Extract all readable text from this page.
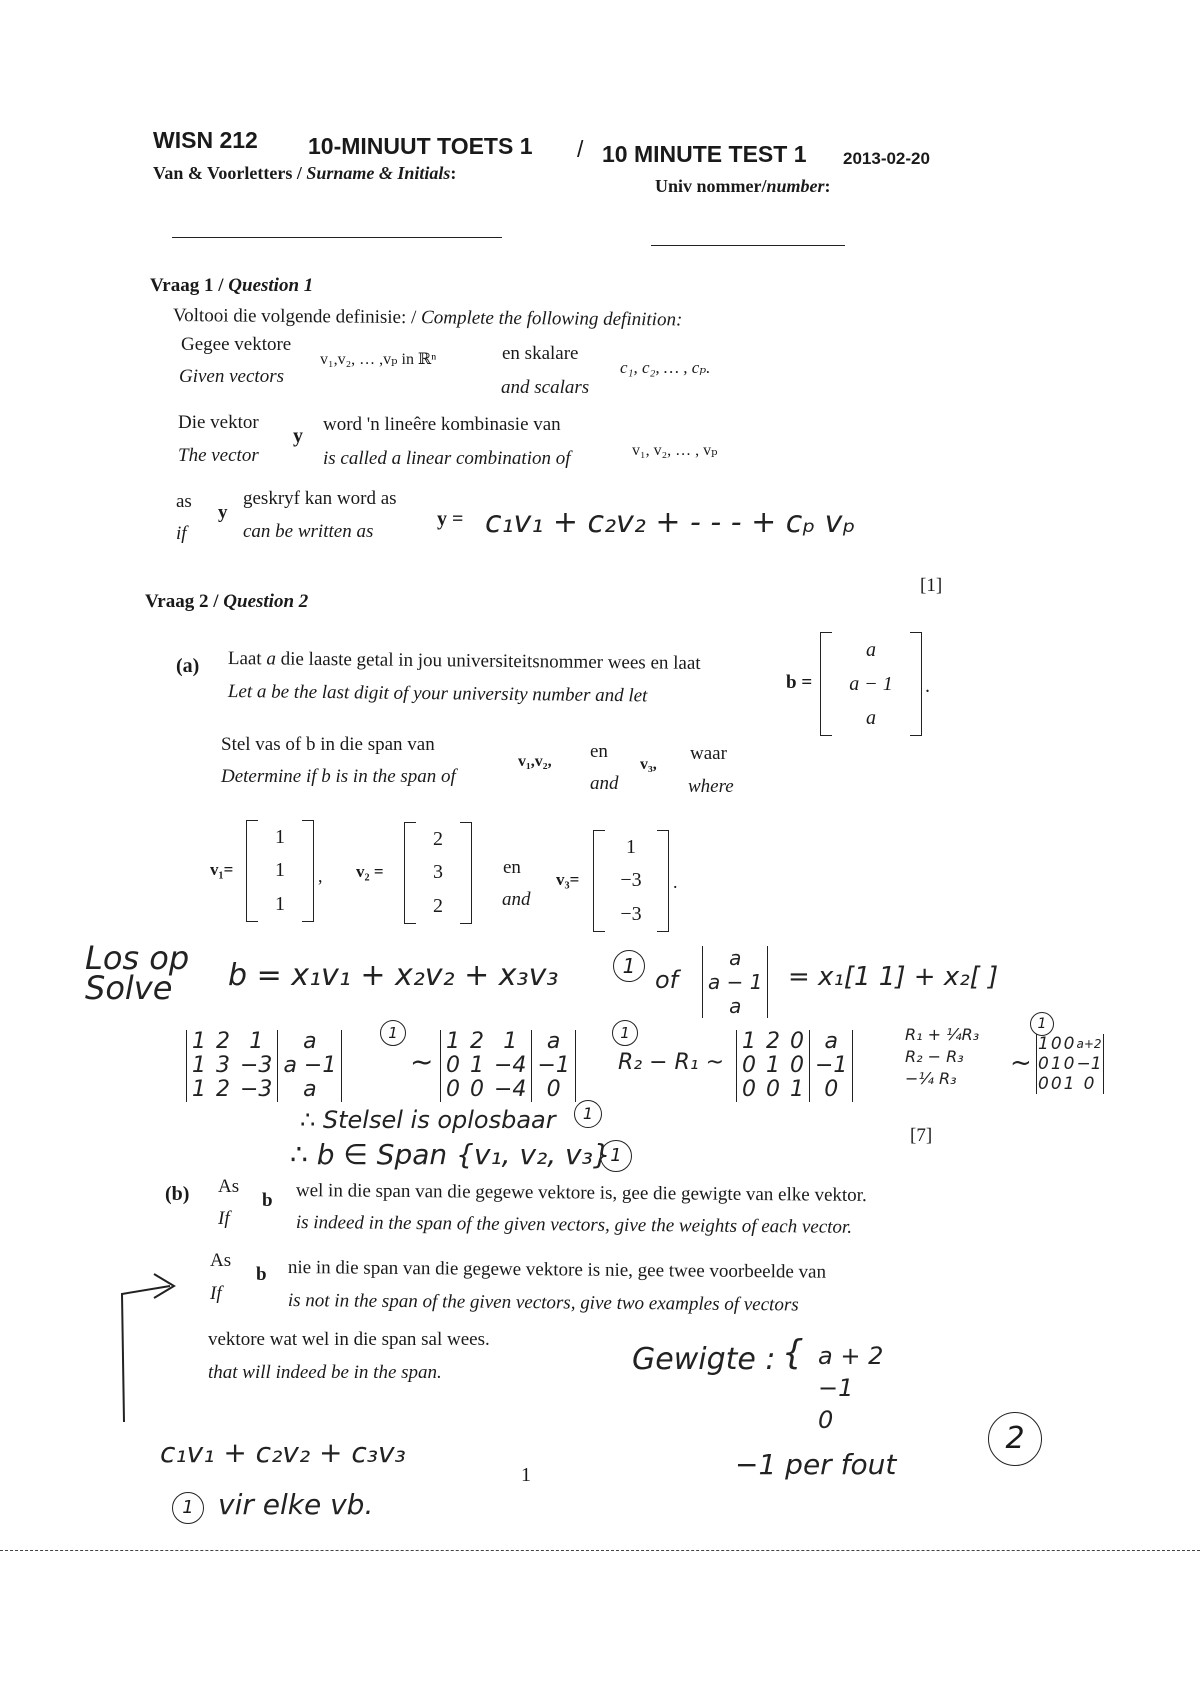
WISN 212 10-MINUUT TOETS 1 / 10 MINUTE TEST 1 2013-02-20
Van & Voorletters / Surname & Initials:
Univ nommer/number:
Vraag 1 / Question 1
Voltooi die volgende definisie: / Complete the following definition:
Gegee vektore
Given vectors
v₁,v₂, … ,vₚ in ℝⁿ	en skalare
and scalars
c₁, c₂, … , cₚ.
Die vektor
The vector
y
word 'n lineêre kombinasie van
is called a linear combination of	v₁, v₂, … , vₚ
as
if
y
geskryf kan word as
can be written as
y = c₁v₁ + c₂v₂ + - - - + cₚ vₚ
[1]
Vraag 2 / Question 2
(a) Laat a die laaste getal in jou universiteitsnommer wees en laat
Let a be the last digit of your university number and let	b =
a
a − 1
a
.
Stel vas of b in die span van
Determine if b is in the span of
v₁,v₂, en
and
v₃,
waar
where
v₁=
1
1
1
, v₂ =
2
3
2
en
and
v₃=
1
−3
−3
.
Los op
Solve b = x₁v₁ + x₂v₂ + x₃v₃	1 of
a
a − 1
a
= x₁[1 1] + x₂[ ]
1	2	1	a
1	3	−3	a −1
1	2	−3	a
1
~
1	2	1	a
0	1	−4	−1
0	0	−4	0
1
R₂ − R₁ ~
1	2	0	a
0	1	0	−1
0	0	1	0
R₁ + ¼R₃
R₂ − R₃
−¼ R₃
~
1	0	0	a+2
0	1	0	−1
0	0	1	0
1
∴ Stelsel is oplosbaar	1
∴ b ∈ Span {v₁, v₂, v₃} 1
[7]
(b) As
If
b wel in die span van die gegewe vektore is, gee die gewigte van elke vektor.
is indeed in the span of the given vectors, give the weights of each vector.
As
If
b nie in die span van die gegewe vektore is nie, gee twee voorbeelde van
is not in the span of the given vectors, give two examples of vectors
vektore wat wel in die span sal wees.
that will indeed be in the span.	Gewigte : { a + 2
−1
0
−1 per fout
2
c₁v₁ + c₂v₂ + c₃v₃
1 vir elke vb.
1
